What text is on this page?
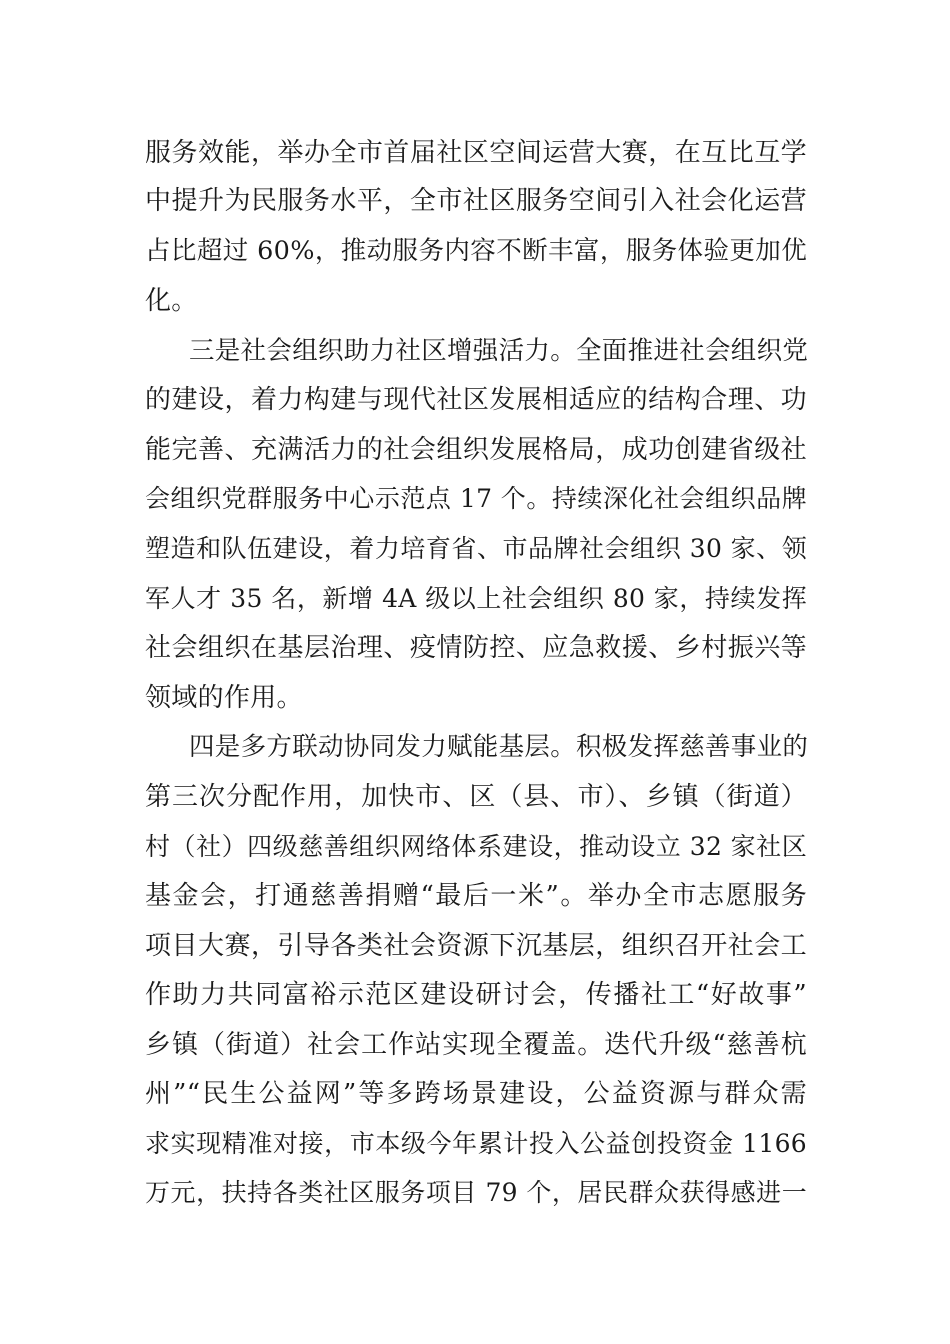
服务效能，举办全市首届社区空间运营大赛，在互比互学
中提升为民服务水平，全市社区服务空间引入社会化运营
占比超过 60%，推动服务内容不断丰富，服务体验更加优
化。
三是社会组织助力社区增强活力。全面推进社会组织党
的建设，着力构建与现代社区发展相适应的结构合理、功
能完善、充满活力的社会组织发展格局，成功创建省级社
会组织党群服务中心示范点 17 个。持续深化社会组织品牌
塑造和队伍建设，着力培育省、市品牌社会组织 30 家、领
军人才 35 名，新增 4A 级以上社会组织 80 家，持续发挥
社会组织在基层治理、疫情防控、应急救援、乡村振兴等
领域的作用。
四是多方联动协同发力赋能基层。积极发挥慈善事业的
第三次分配作用，加快市、区（县、市）、乡镇（街道）
村（社）四级慈善组织网络体系建设，推动设立 32 家社区
基金会，打通慈善捐赠“最后一米”。举办全市志愿服务
项目大赛，引导各类社会资源下沉基层，组织召开社会工
作助力共同富裕示范区建设研讨会，传播社工“好故事”
乡镇（街道）社会工作站实现全覆盖。迭代升级“慈善杭
州”“民生公益网”等多跨场景建设，公益资源与群众需
求实现精准对接，市本级今年累计投入公益创投资金 1166
万元，扶持各类社区服务项目 79 个，居民群众获得感进一
